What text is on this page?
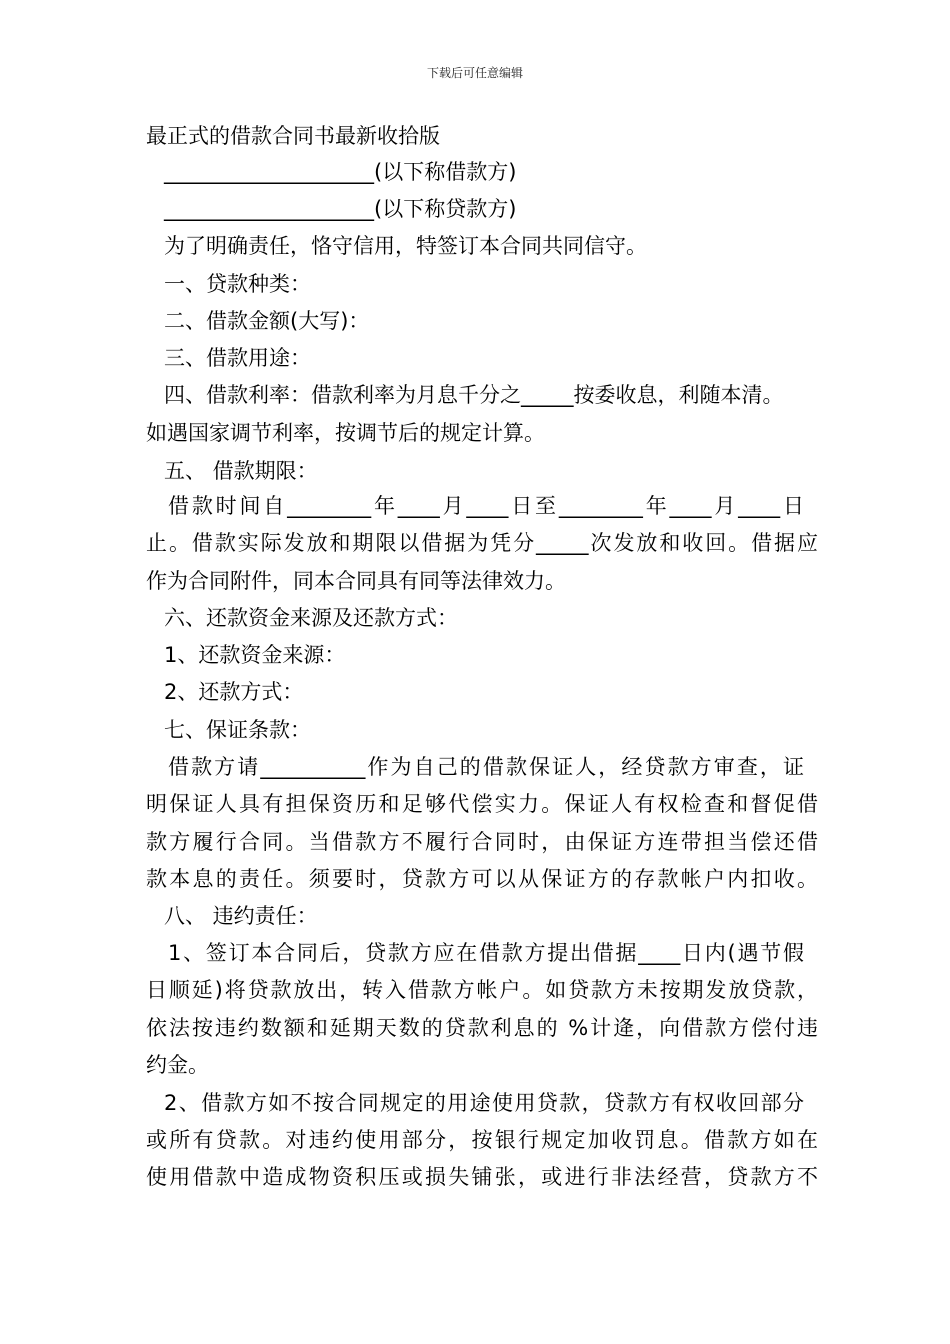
下载后可任意编辑
最正式的借款合同书最新收拾版
____________________(以下称借款方)
____________________(以下称贷款方)
为了明确责任，恪守信用，特签订本合同共同信守。
一、贷款种类：
二、借款金额(大写)：
三、借款用途：
四、借款利率：借款利率为月息千分之_____按委收息，利随本清。
如遇国家调节利率，按调节后的规定计算。
五、 借款期限：
借款时间自________年____月____日至________年____月____日
止。借款实际发放和期限以借据为凭分_____次发放和收回。借据应
作为合同附件，同本合同具有同等法律效力。
六、还款资金来源及还款方式：
1、还款资金来源：
2、还款方式：
七、保证条款：
借款方请__________作为自己的借款保证人，经贷款方审查，证
明保证人具有担保资历和足够代偿实力。保证人有权检查和督促借
款方履行合同。当借款方不履行合同时，由保证方连带担当偿还借
款本息的责任。须要时，贷款方可以从保证方的存款帐户内扣收。
八、 违约责任：
1、签订本合同后，贷款方应在借款方提出借据____日内(遇节假
日顺延)将贷款放出，转入借款方帐户。如贷款方未按期发放贷款，
依法按违约数额和延期天数的贷款利息的 %计逄，向借款方偿付违
约金。
2、借款方如不按合同规定的用途使用贷款，贷款方有权收回部分
或所有贷款。对违约使用部分，按银行规定加收罚息。借款方如在
使用借款中造成物资积压或损失铺张，或进行非法经营，贷款方不
